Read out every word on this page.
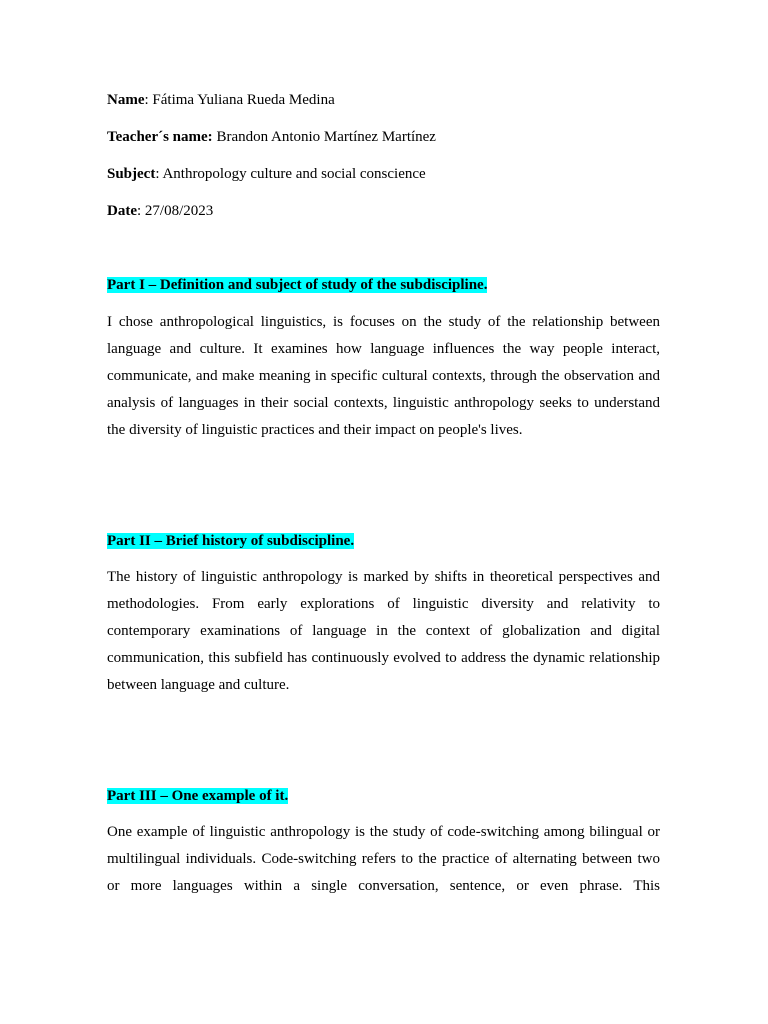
Name: Fátima Yuliana Rueda Medina
Teacher´s name: Brandon Antonio Martínez Martínez
Subject: Anthropology culture and social conscience
Date: 27/08/2023
Part I – Definition and subject of study of the subdiscipline.
I chose anthropological linguistics, is focuses on the study of the relationship between
language and culture. It examines how language influences the way people interact,
communicate, and make meaning in specific cultural contexts, through the observation and
analysis of languages in their social contexts, linguistic anthropology seeks to understand
the diversity of linguistic practices and their impact on people's lives.
Part II – Brief history of subdiscipline.
The history of linguistic anthropology is marked by shifts in theoretical perspectives and
methodologies. From early explorations of linguistic diversity and relativity to
contemporary examinations of language in the context of globalization and digital
communication, this subfield has continuously evolved to address the dynamic relationship
between language and culture.
Part III – One example of it.
One example of linguistic anthropology is the study of code-switching among bilingual or
multilingual individuals. Code-switching refers to the practice of alternating between two
or more languages within a single conversation, sentence, or even phrase. This
